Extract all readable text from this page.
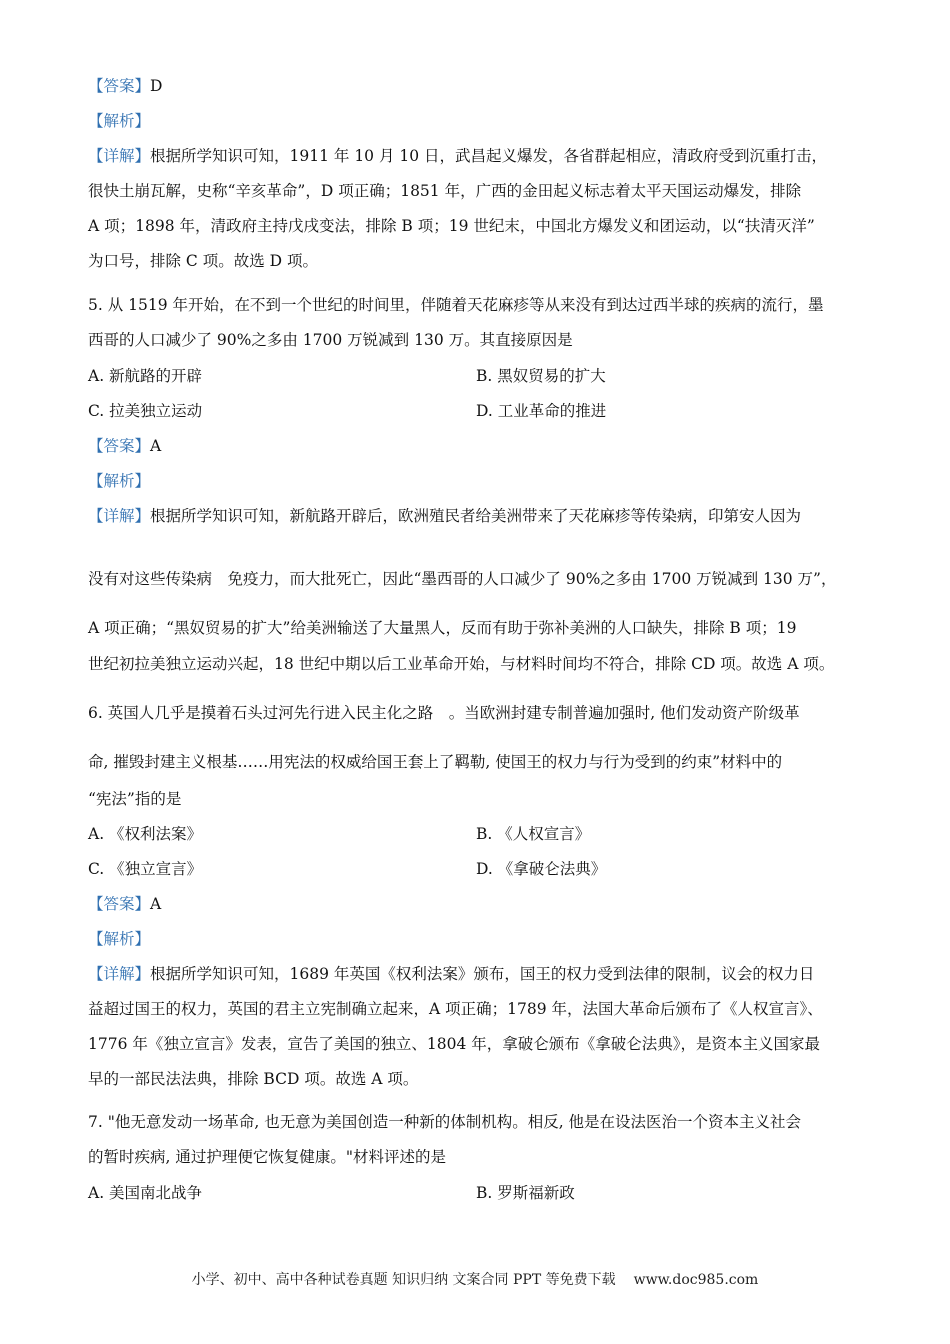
【答案】D
【解析】
【详解】根据所学知识可知，1911 年 10 月 10 日，武昌起义爆发，各省群起相应，清政府受到沉重打击，
很快土崩瓦解，史称“辛亥革命”，D 项正确；1851 年，广西的金田起义标志着太平天国运动爆发，排除
A 项；1898 年，清政府主持戊戌变法，排除 B 项；19 世纪末，中国北方爆发义和团运动，以“扶清灭洋”
为口号，排除 C 项。故选 D 项。
5. 从 1519 年开始，在不到一个世纪的时间里，伴随着天花麻疹等从来没有到达过西半球的疾病的流行，墨
西哥的人口减少了 90%之多由 1700 万锐减到 130 万。其直接原因是
A. 新航路的开辟	B. 黑奴贸易的扩大
C. 拉美独立运动	D. 工业革命的推进
【答案】A
【解析】
【详解】根据所学知识可知，新航路开辟后，欧洲殖民者给美洲带来了天花麻疹等传染病，印第安人因为
没有对这些传染病　免疫力，而大批死亡，因此“墨西哥的人口减少了 90%之多由 1700 万锐减到 130 万”，
A 项正确；“黑奴贸易的扩大”给美洲输送了大量黑人，反而有助于弥补美洲的人口缺失，排除 B 项；19
世纪初拉美独立运动兴起，18 世纪中期以后工业革命开始，与材料时间均不符合，排除 CD 项。故选 A 项。
6. 英国人几乎是摸着石头过河先行进入民主化之路　。当欧洲封建专制普遍加强时, 他们发动资产阶级革
命, 摧毁封建主义根基……用宪法的权威给国王套上了羁勒, 使国王的权力与行为受到的约束”材料中的
“宪法”指的是
A. 《权利法案》	B. 《人权宣言》
C. 《独立宣言》	D. 《拿破仑法典》
【答案】A
【解析】
【详解】根据所学知识可知，1689 年英国《权利法案》颁布，国王的权力受到法律的限制，议会的权力日
益超过国王的权力，英国的君主立宪制确立起来，A 项正确；1789 年，法国大革命后颁布了《人权宣言》、
1776 年《独立宣言》发表，宣告了美国的独立、1804 年，拿破仑颁布《拿破仑法典》，是资本主义国家最
早的一部民法法典，排除 BCD 项。故选 A 项。
7. "他无意发动一场革命, 也无意为美国创造一种新的体制机构。相反, 他是在设法医治一个资本主义社会
的暂时疾病, 通过护理便它恢复健康。"材料评述的是
A. 美国南北战争	B. 罗斯福新政
小学、初中、高中各种试卷真题 知识归纳 文案合同 PPT 等免费下载 www.doc985.com
